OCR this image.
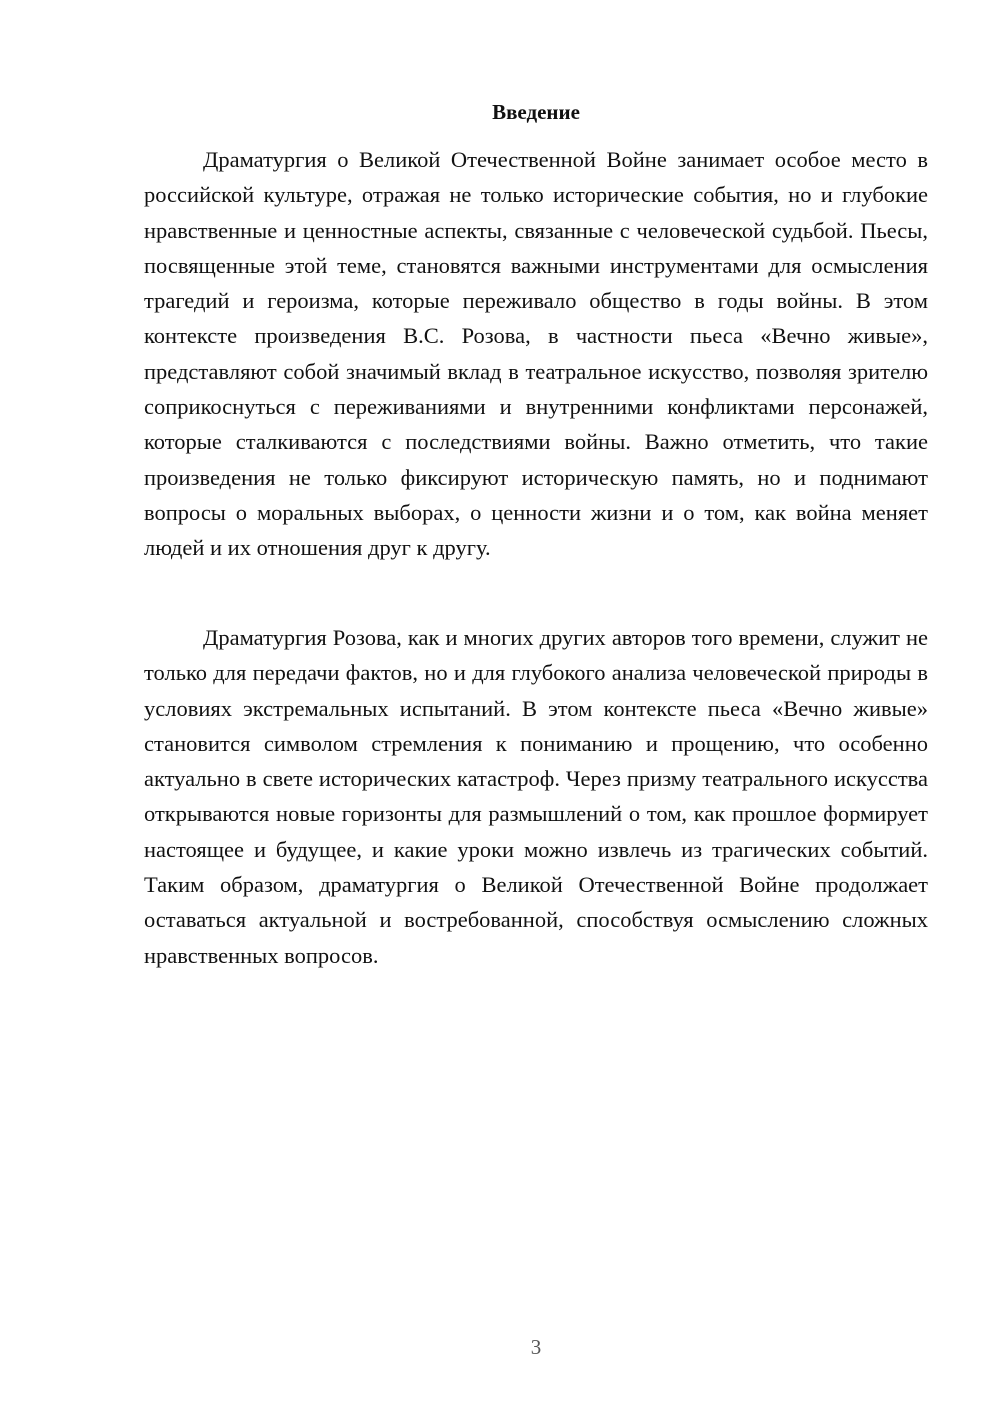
Введение

Драматургия о Великой Отечественной Войне занимает особое место в российской культуре, отражая не только исторические события, но и глубокие нравственные и ценностные аспекты, связанные с человеческой судьбой. Пьесы, посвященные этой теме, становятся важными инструментами для осмысления трагедий и героизма, которые переживало общество в годы войны. В этом контексте произведения В.С. Розова, в частности пьеса «Вечно живые», представляют собой значимый вклад в театральное искусство, позволяя зрителю соприкоснуться с переживаниями и внутренними конфликтами персонажей, которые сталкиваются с последствиями войны. Важно отметить, что такие произведения не только фиксируют историческую память, но и поднимают вопросы о моральных выборах, о ценности жизни и о том, как война меняет людей и их отношения друг к другу.

Драматургия Розова, как и многих других авторов того времени, служит не только для передачи фактов, но и для глубокого анализа человеческой природы в условиях экстремальных испытаний. В этом контексте пьеса «Вечно живые» становится символом стремления к пониманию и прощению, что особенно актуально в свете исторических катастроф. Через призму театрального искусства открываются новые горизонты для размышлений о том, как прошлое формирует настоящее и будущее, и какие уроки можно извлечь из трагических событий. Таким образом, драматургия о Великой Отечественной Войне продолжает оставаться актуальной и востребованной, способствуя осмыслению сложных нравственных вопросов.

3
